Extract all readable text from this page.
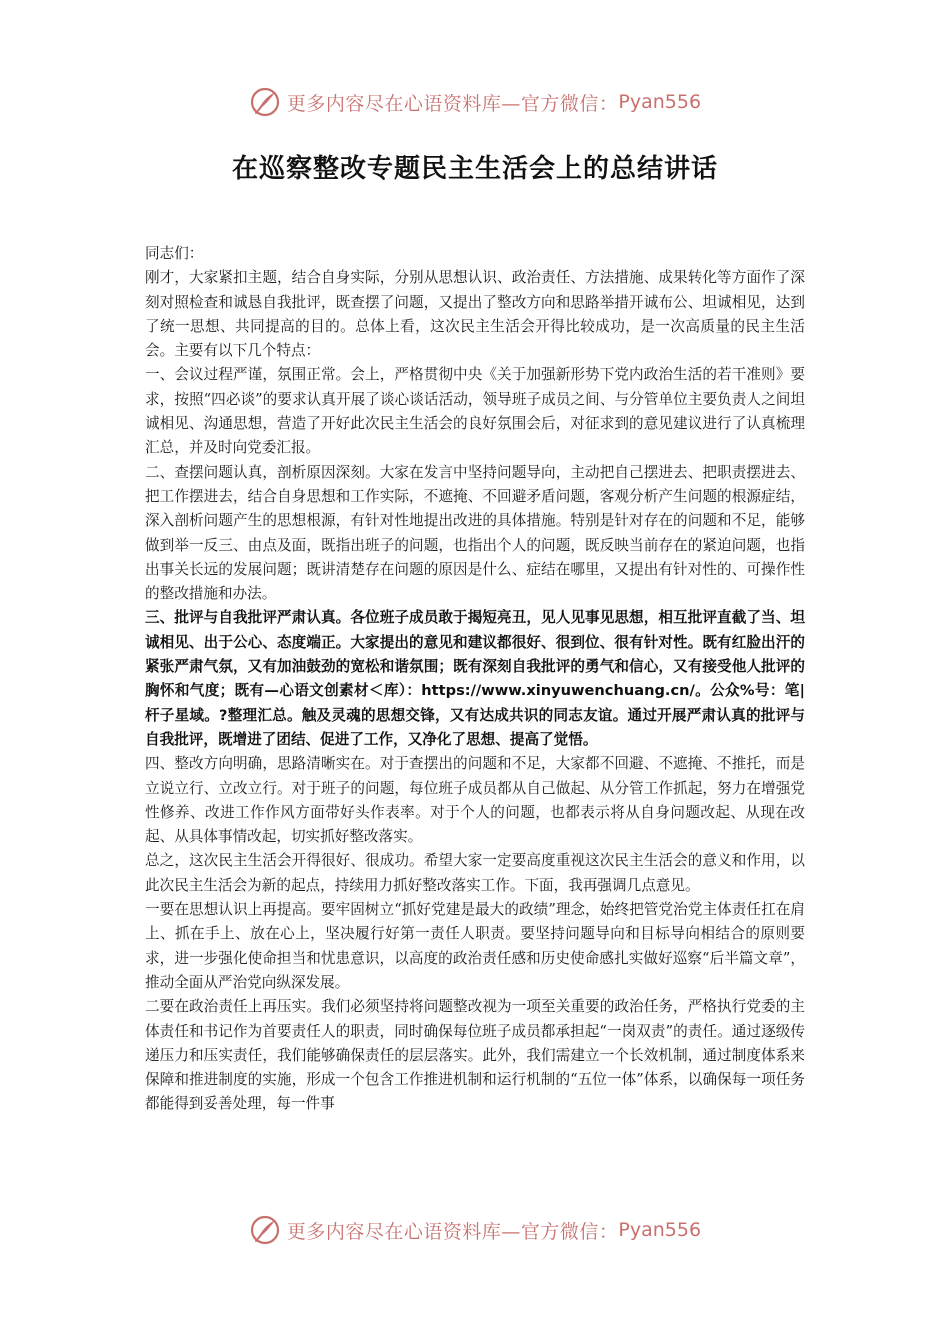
更多内容尽在心语资料库—官方微信： Pyan556
在巡察整改专题民主生活会上的总结讲话

同志们：

刚才，大家紧扣主题，结合自身实际，分别从思想认识、政治责任、方法措施、成果转化等方面作了深刻对照检查和诚恳自我批评，既查摆了问题，又提出了整改方向和思路举措开诚布公、坦诚相见，达到了统一思想、共同提高的目的。总体上看，这次民主生活会开得比较成功，是一次高质量的民主生活会。主要有以下几个特点：

一、会议过程严谨，氛围正常。会上，严格贯彻中央《关于加强新形势下党内政治生活的若干准则》要求，按照“四必谈”的要求认真开展了谈心谈话活动，领导班子成员之间、与分管单位主要负责人之间坦诚相见、沟通思想，营造了开好此次民主生活会的良好氛围会后，对征求到的意见建议进行了认真梳理汇总，并及时向党委汇报。

二、查摆问题认真，剖析原因深刻。大家在发言中坚持问题导向，主动把自己摆进去、把职责摆进去、把工作摆进去，结合自身思想和工作实际，不遮掩、不回避矛盾问题，客观分析产生问题的根源症结，深入剖析问题产生的思想根源，有针对性地提出改进的具体措施。特别是针对存在的问题和不足，能够做到举一反三、由点及面，既指出班子的问题，也指出个人的问题，既反映当前存在的紧迫问题，也指出事关长远的发展问题；既讲清楚存在问题的原因是什么、症结在哪里，又提出有针对性的、可操作性的整改措施和办法。

三、批评与自我批评严肃认真。各位班子成员敢于揭短亮丑，见人见事见思想，相互批评直截了当、坦诚相见、出于公心、态度端正。大家提出的意见和建议都很好、很到位、很有针对性。既有红脸出汗的紧张严肃气氛，又有加油鼓劲的宽松和谐氛围；既有深刻自我批评的勇气和信心，又有接受他人批评的胸怀和气度；既有—心语文创素材＜库）：https://www.xinyuwenchuang.cn/。公众%号：笔|杆子星域。?整理汇总。触及灵魂的思想交锋，又有达成共识的同志友谊。通过开展严肃认真的批评与自我批评，既增进了团结、促进了工作，又净化了思想、提高了觉悟。

四、整改方向明确，思路清晰实在。对于查摆出的问题和不足，大家都不回避、不遮掩、不推托，而是立说立行、立改立行。对于班子的问题，每位班子成员都从自己做起、从分管工作抓起，努力在增强党性修养、改进工作作风方面带好头作表率。对于个人的问题，也都表示将从自身问题改起、从现在改起、从具体事情改起，切实抓好整改落实。

总之，这次民主生活会开得很好、很成功。希望大家一定要高度重视这次民主生活会的意义和作用，以此次民主生活会为新的起点，持续用力抓好整改落实工作。下面，我再强调几点意见。

一要在思想认识上再提高。要牢固树立“抓好党建是最大的政绩”理念，始终把管党治党主体责任扛在肩上、抓在手上、放在心上，坚决履行好第一责任人职责。要坚持问题导向和目标导向相结合的原则要求，进一步强化使命担当和忧患意识，以高度的政治责任感和历史使命感扎实做好巡察“后半篇文章”，推动全面从严治党向纵深发展。

二要在政治责任上再压实。我们必须坚持将问题整改视为一项至关重要的政治任务，严格执行党委的主体责任和书记作为首要责任人的职责，同时确保每位班子成员都承担起“一岗双责”的责任。通过逐级传递压力和压实责任，我们能够确保责任的层层落实。此外，我们需建立一个长效机制，通过制度体系来保障和推进制度的实施，形成一个包含工作推进机制和运行机制的“五位一体”体系，以确保每一项任务都能得到妥善处理，每一件事

更多内容尽在心语资料库—官方微信： Pyan556
